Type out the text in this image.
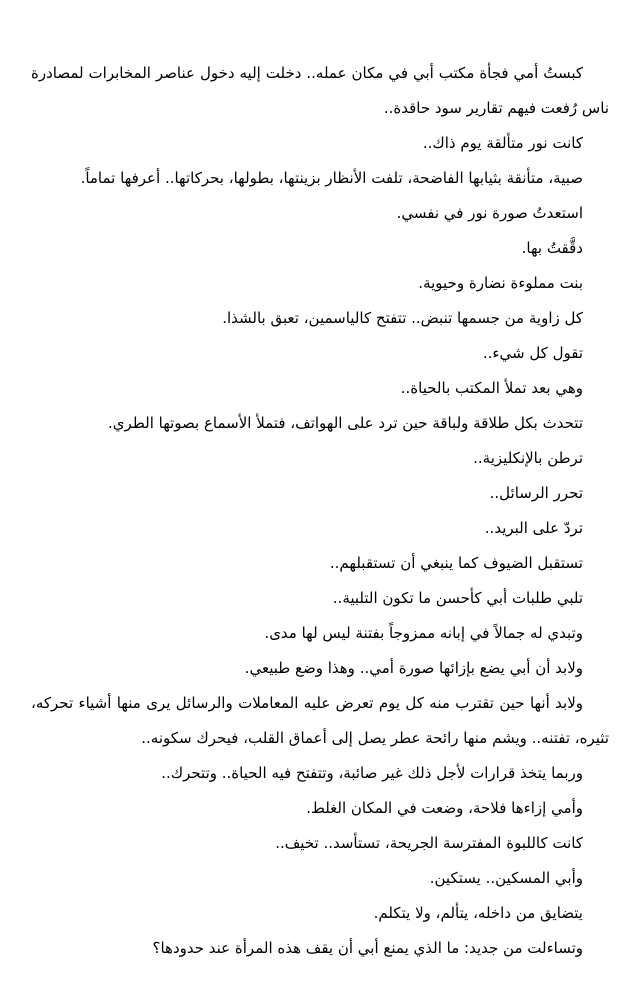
كبستُ أمي فجأة مكتب أبي في مكان عمله.. دخلت إليه دخول عناصر المخابرات لمصادرة ناس رُفعت فيهم تقارير سود حاقدة..

كانت نور متألقة يوم ذاك..

صبية، متأنقة بثيابها الفاضحة، تلفت الأنظار بزينتها، بطولها، بحركاتها.. أعرفها تماماً.

استعدتُ صورة نور في نفسي.

دقَّقتُ بها.

بنت مملوءة نضارة وحيوية.

كل زاوية من جسمها تنبض.. تتفتح كالياسمين، تعبق بالشذا.

تقول كل شيء..

وهي بعد تملأ المكتب بالحياة..

تتحدث بكل طلاقة ولباقة حين ترد على الهواتف، فتملأ الأسماع بصوتها الطري.

ترطن بالإنكليزية..

تحرر الرسائل..

تردّ على البريد..

تستقبل الضيوف كما ينبغي أن تستقبلهم..

تلبي طلبات أبي كأحسن ما تكون التلبية..

وتبدي له جمالاً في إبانه ممزوجاً بفتنة ليس لها مدى.

ولابد أن أبي يضع بإزائها صورة أمي.. وهذا وضع طبيعي.

ولابد أنها حين تقترب منه كل يوم تعرض عليه المعاملات والرسائل يرى منها أشياء تحركه، تثيره، تفتنه.. ويشم منها رائحة عطر يصل إلى أعماق القلب، فيحرك سكونه..

وربما يتخذ قرارات لأجل ذلك غير صائبة، وتتفتح فيه الحياة.. وتتحرك..

وأمي إزاءها فلاحة، وضعت في المكان الغلط.

كانت كاللبوة المفترسة الجريحة، تستأسد.. تخيف..

وأبي المسكين.. يستكين.

يتضايق من داخله، يتألم، ولا يتكلم.

وتساءلت من جديد: ما الذي يمنع أبي أن يقف هذه المرأة عند حدودها؟
